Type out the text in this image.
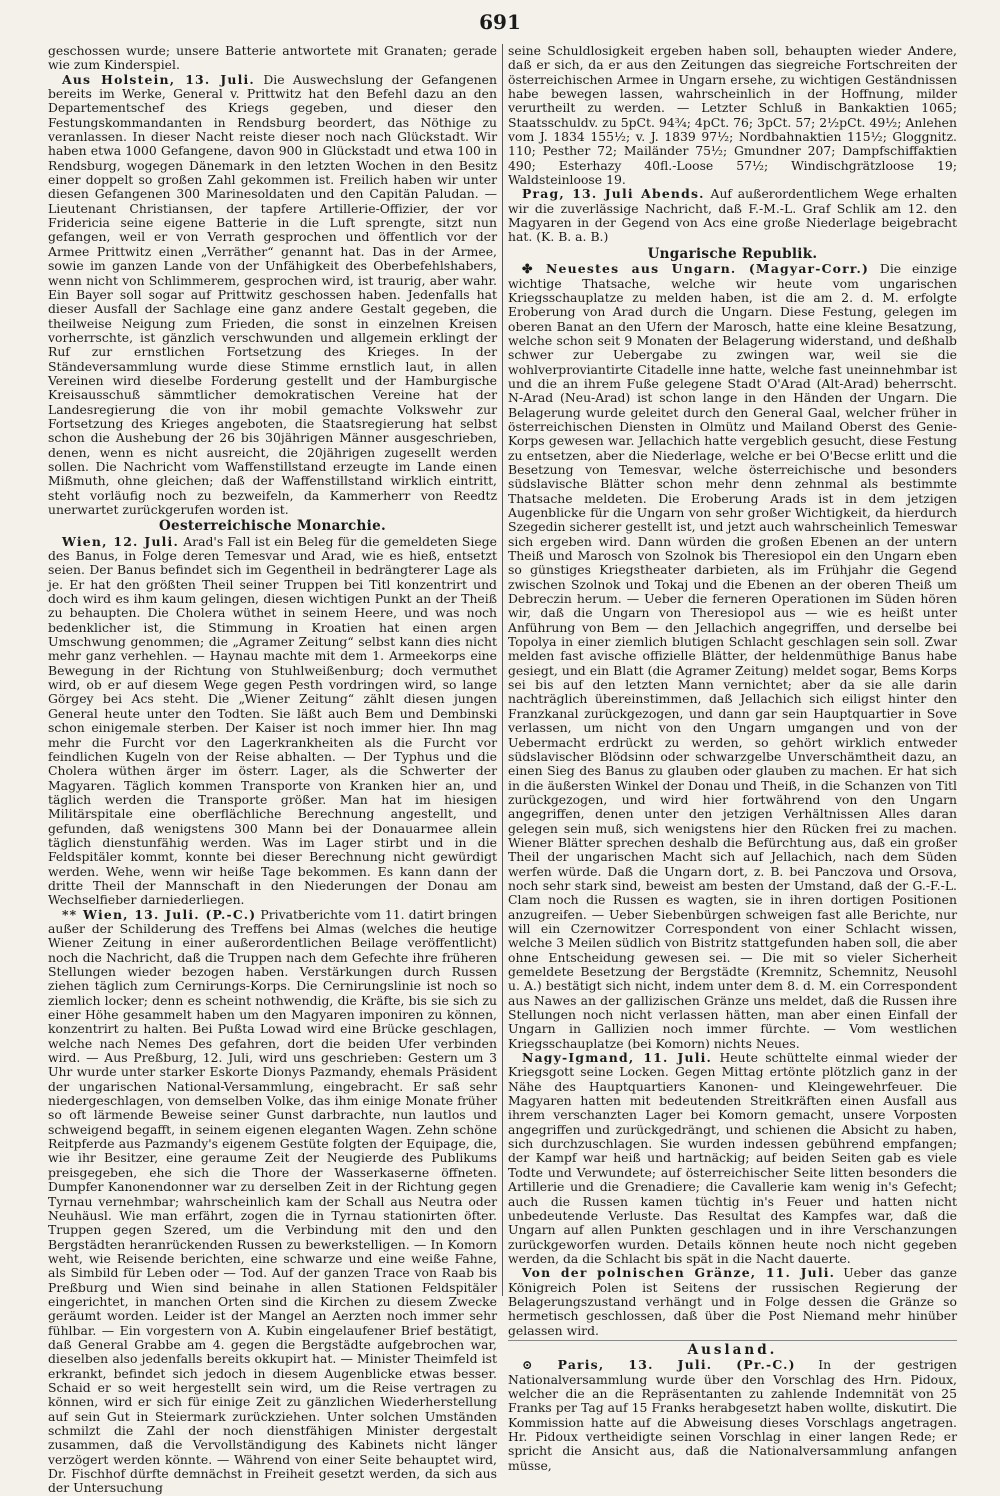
691

geschossen wurde; unsere Batterie antwortete mit Granaten; gerade wie zum Kinderspiel.

Aus Holstein, 13. Juli. Die Auswechslung der Gefangenen bereits im Werke, General v. Prittwitz hat den Befehl dazu an den Departementschef des Kriegs gegeben, und dieser den Festungskommandanten in Rendsburg beordert, das Nöthige zu veranlassen. In dieser Nacht reiste dieser noch nach Glückstadt. Wir haben etwa 1000 Gefangene, davon 900 in Glückstadt und etwa 100 in Rendsburg, wogegen Dänemark in den letzten Wochen in den Besitz einer doppelt so großen Zahl gekommen ist. Freilich haben wir unter diesen Gefangenen 300 Marinesoldaten und den Capitän Paludan. — Lieutenant Christiansen, der tapfere Artillerie-Offizier, der vor Fridericia seine eigene Batterie in die Luft sprengte, sitzt nun gefangen, weil er von Verrath gesprochen und öffentlich vor der Armee Prittwitz einen „Verräther“ genannt hat. Das in der Armee, sowie im ganzen Lande von der Unfähigkeit des Oberbefehlshabers, wenn nicht von Schlimmerem, gesprochen wird, ist traurig, aber wahr. Ein Bayer soll sogar auf Prittwitz geschossen haben. Jedenfalls hat dieser Ausfall der Sachlage eine ganz andere Gestalt gegeben, die theilweise Neigung zum Frieden, die sonst in einzelnen Kreisen vorherrschte, ist gänzlich verschwunden und allgemein erklingt der Ruf zur ernstlichen Fortsetzung des Krieges. In der Ständeversammlung wurde diese Stimme ernstlich laut, in allen Vereinen wird dieselbe Forderung gestellt und der Hamburgische Kreisausschuß sämmtlicher demokratischen Vereine hat der Landesregierung die von ihr mobil gemachte Volkswehr zur Fortsetzung des Krieges angeboten, die Staatsregierung hat selbst schon die Aushebung der 26 bis 30jährigen Männer ausgeschrieben, denen, wenn es nicht ausreicht, die 20jährigen zugesellt werden sollen. Die Nachricht vom Waffenstillstand erzeugte im Lande einen Mißmuth, ohne gleichen; daß der Waffenstillstand wirklich eintritt, steht vorläufig noch zu bezweifeln, da Kammerherr von Reedtz unerwartet zurückgerufen worden ist.

Oesterreichische Monarchie.

Wien, 12. Juli. Arad's Fall ist ein Beleg für die gemeldeten Siege des Banus, in Folge deren Temesvar und Arad, wie es hieß, entsetzt seien. Der Banus befindet sich im Gegentheil in bedrängterer Lage als je. Er hat den größten Theil seiner Truppen bei Titl konzentrirt und doch wird es ihm kaum gelingen, diesen wichtigen Punkt an der Theiß zu behaupten. Die Cholera wüthet in seinem Heere, und was noch bedenklicher ist, die Stimmung in Kroatien hat einen argen Umschwung genommen; die „Agramer Zeitung“ selbst kann dies nicht mehr ganz verhehlen. — Haynau machte mit dem 1. Armeekorps eine Bewegung in der Richtung von Stuhlweißenburg; doch vermuthet wird, ob er auf diesem Wege gegen Pesth vordringen wird, so lange Görgey bei Acs steht. Die „Wiener Zeitung“ zählt diesen jungen General heute unter den Todten. Sie läßt auch Bem und Dembinski schon einigemale sterben. Der Kaiser ist noch immer hier. Ihn mag mehr die Furcht vor den Lagerkrankheiten als die Furcht vor feindlichen Kugeln von der Reise abhalten. — Der Typhus und die Cholera wüthen ärger im österr. Lager, als die Schwerter der Magyaren. Täglich kommen Transporte von Kranken hier an, und täglich werden die Transporte größer. Man hat im hiesigen Militärspitale eine oberflächliche Berechnung angestellt, und gefunden, daß wenigstens 300 Mann bei der Donauarmee allein täglich dienstunfähig werden. Was im Lager stirbt und in die Feldspitäler kommt, konnte bei dieser Berechnung nicht gewürdigt werden. Wehe, wenn wir heiße Tage bekommen. Es kann dann der dritte Theil der Mannschaft in den Niederungen der Donau am Wechselfieber darniederliegen.

** Wien, 13. Juli. (P.-C.) Privatberichte vom 11. datirt bringen außer der Schilderung des Treffens bei Almas (welches die heutige Wiener Zeitung in einer außerordentlichen Beilage veröffentlicht) noch die Nachricht, daß die Truppen nach dem Gefechte ihre früheren Stellungen wieder bezogen haben. Verstärkungen durch Russen ziehen täglich zum Cernirungs-Korps. Die Cernirungslinie ist noch so ziemlich locker; denn es scheint nothwendig, die Kräfte, bis sie sich zu einer Höhe gesammelt haben um den Magyaren imponiren zu können, konzentrirt zu halten. Bei Pußta Lowad wird eine Brücke geschlagen, welche nach Nemes Des gefahren, dort die beiden Ufer verbinden wird. — Aus Preßburg, 12. Juli, wird uns geschrieben: Gestern um 3 Uhr wurde unter starker Eskorte Dionys Pazmandy, ehemals Präsident der ungarischen National-Versammlung, eingebracht. Er saß sehr niedergeschlagen, von demselben Volke, das ihm einige Monate früher so oft lärmende Beweise seiner Gunst darbrachte, nun lautlos und schweigend begafft, in seinem eigenen eleganten Wagen. Zehn schöne Reitpferde aus Pazmandy's eigenem Gestüte folgten der Equipage, die, wie ihr Besitzer, eine geraume Zeit der Neugierde des Publikums preisgegeben, ehe sich die Thore der Wasserkaserne öffneten. Dumpfer Kanonendonner war zu derselben Zeit in der Richtung gegen Tyrnau vernehmbar; wahrscheinlich kam der Schall aus Neutra oder Neuhäusl. Wie man erfährt, zogen die in Tyrnau stationirten öfter. Truppen gegen Szered, um die Verbindung mit den und den Bergstädten heranrückenden Russen zu bewerkstelligen. — In Komorn weht, wie Reisende berichten, eine schwarze und eine weiße Fahne, als Simbild für Leben oder — Tod. Auf der ganzen Trace von Raab bis Preßburg und Wien sind beinahe in allen Stationen Feldspitäler eingerichtet, in manchen Orten sind die Kirchen zu diesem Zwecke geräumt worden. Leider ist der Mangel an Aerzten noch immer sehr fühlbar. — Ein vorgestern von A. Kubin eingelaufener Brief bestätigt, daß General Grabbe am 4. gegen die Bergstädte aufgebrochen war, dieselben also jedenfalls bereits okkupirt hat. — Minister Theimfeld ist erkrankt, befindet sich jedoch in diesem Augenblicke etwas besser. Schaid er so weit hergestellt sein wird, um die Reise vertragen zu können, wird er sich für einige Zeit zu gänzlichen Wiederherstellung auf sein Gut in Steiermark zurückziehen. Unter solchen Umständen schmilzt die Zahl der noch dienstfähigen Minister dergestalt zusammen, daß die Vervollständigung des Kabinets nicht länger verzögert werden könnte. — Während von einer Seite behauptet wird, Dr. Fischhof dürfte demnächst in Freiheit gesetzt werden, da sich aus der Untersuchung

seine Schuldlosigkeit ergeben haben soll, behaupten wieder Andere, daß er sich, da er aus den Zeitungen das siegreiche Fortschreiten der österreichischen Armee in Ungarn ersehe, zu wichtigen Geständnissen habe bewegen lassen, wahrscheinlich in der Hoffnung, milder verurtheilt zu werden. — Letzter Schluß in Bankaktien 1065; Staatsschuldv. zu 5pCt. 94¾; 4pCt. 76; 3pCt. 57; 2½pCt. 49½; Anlehen vom J. 1834 155½; v. J. 1839 97½; Nordbahnaktien 115½; Gloggnitz. 110; Pesther 72; Mailänder 75½; Gmundner 207; Dampfschiffaktien 490; Esterhazy 40fl.-Loose 57½; Windischgrätzloose 19; Waldsteinloose 19.

Prag, 13. Juli Abends. Auf außerordentlichem Wege erhalten wir die zuverlässige Nachricht, daß F.-M.-L. Graf Schlik am 12. den Magyaren in der Gegend von Acs eine große Niederlage beigebracht hat. (K. B. a. B.)

Ungarische Republik.

✤ Neuestes aus Ungarn. (Magyar-Corr.) Die einzige wichtige Thatsache, welche wir heute vom ungarischen Kriegsschauplatze zu melden haben, ist die am 2. d. M. erfolgte Eroberung von Arad durch die Ungarn. Diese Festung, gelegen im oberen Banat an den Ufern der Marosch, hatte eine kleine Besatzung, welche schon seit 9 Monaten der Belagerung widerstand, und deßhalb schwer zur Uebergabe zu zwingen war, weil sie die wohlverproviantirte Citadelle inne hatte, welche fast uneinnehmbar ist und die an ihrem Fuße gelegene Stadt O'Arad (Alt-Arad) beherrscht. N-Arad (Neu-Arad) ist schon lange in den Händen der Ungarn. Die Belagerung wurde geleitet durch den General Gaal, welcher früher in österreichischen Diensten in Olmütz und Mailand Oberst des Genie-Korps gewesen war. Jellachich hatte vergeblich gesucht, diese Festung zu entsetzen, aber die Niederlage, welche er bei O'Becse erlitt und die Besetzung von Temesvar, welche österreichische und besonders südslavische Blätter schon mehr denn zehnmal als bestimmte Thatsache meldeten. Die Eroberung Arads ist in dem jetzigen Augenblicke für die Ungarn von sehr großer Wichtigkeit, da hierdurch Szegedin sicherer gestellt ist, und jetzt auch wahrscheinlich Temeswar sich ergeben wird. Dann würden die großen Ebenen an der untern Theiß und Marosch von Szolnok bis Theresiopol ein den Ungarn eben so günstiges Kriegstheater darbieten, als im Frühjahr die Gegend zwischen Szolnok und Tokaj und die Ebenen an der oberen Theiß um Debreczin herum. — Ueber die ferneren Operationen im Süden hören wir, daß die Ungarn von Theresiopol aus — wie es heißt unter Anführung von Bem — den Jellachich angegriffen, und derselbe bei Topolya in einer ziemlich blutigen Schlacht geschlagen sein soll. Zwar melden fast avische offizielle Blätter, der heldenmüthige Banus habe gesiegt, und ein Blatt (die Agramer Zeitung) meldet sogar, Bems Korps sei bis auf den letzten Mann vernichtet; aber da sie alle darin nachträglich übereinstimmen, daß Jellachich sich eiligst hinter den Franzkanal zurückgezogen, und dann gar sein Hauptquartier in Sove verlassen, um nicht von den Ungarn umgangen und von der Uebermacht erdrückt zu werden, so gehört wirklich entweder südslavischer Blödsinn oder schwarzgelbe Unverschämtheit dazu, an einen Sieg des Banus zu glauben oder glauben zu machen. Er hat sich in die äußersten Winkel der Donau und Theiß, in die Schanzen von Titl zurückgezogen, und wird hier fortwährend von den Ungarn angegriffen, denen unter den jetzigen Verhältnissen Alles daran gelegen sein muß, sich wenigstens hier den Rücken frei zu machen. Wiener Blätter sprechen deshalb die Befürchtung aus, daß ein großer Theil der ungarischen Macht sich auf Jellachich, nach dem Süden werfen würde. Daß die Ungarn dort, z. B. bei Panczova und Orsova, noch sehr stark sind, beweist am besten der Umstand, daß der G.-F.-L. Clam noch die Russen es wagten, sie in ihren dortigen Positionen anzugreifen. — Ueber Siebenbürgen schweigen fast alle Berichte, nur will ein Czernowitzer Correspondent von einer Schlacht wissen, welche 3 Meilen südlich von Bistritz stattgefunden haben soll, die aber ohne Entscheidung gewesen sei. — Die mit so vieler Sicherheit gemeldete Besetzung der Bergstädte (Kremnitz, Schemnitz, Neusohl u. A.) bestätigt sich nicht, indem unter dem 8. d. M. ein Correspondent aus Nawes an der gallizischen Gränze uns meldet, daß die Russen ihre Stellungen noch nicht verlassen hätten, man aber einen Einfall der Ungarn in Gallizien noch immer fürchte. — Vom westlichen Kriegsschauplatze (bei Komorn) nichts Neues.

Nagy-Igmand, 11. Juli. Heute schüttelte einmal wieder der Kriegsgott seine Locken. Gegen Mittag ertönte plötzlich ganz in der Nähe des Hauptquartiers Kanonen- und Kleingewehrfeuer. Die Magyaren hatten mit bedeutenden Streitkräften einen Ausfall aus ihrem verschanzten Lager bei Komorn gemacht, unsere Vorposten angegriffen und zurückgedrängt, und schienen die Absicht zu haben, sich durchzuschlagen. Sie wurden indessen gebührend empfangen; der Kampf war heiß und hartnäckig; auf beiden Seiten gab es viele Todte und Verwundete; auf österreichischer Seite litten besonders die Artillerie und die Grenadiere; die Cavallerie kam wenig in's Gefecht; auch die Russen kamen tüchtig in's Feuer und hatten nicht unbedeutende Verluste. Das Resultat des Kampfes war, daß die Ungarn auf allen Punkten geschlagen und in ihre Verschanzungen zurückgeworfen wurden. Details können heute noch nicht gegeben werden, da die Schlacht bis spät in die Nacht dauerte.

Von der polnischen Gränze, 11. Juli. Ueber das ganze Königreich Polen ist Seitens der russischen Regierung der Belagerungszustand verhängt und in Folge dessen die Gränze so hermetisch geschlossen, daß über die Post Niemand mehr hinüber gelassen wird.

Ausland.

⊙ Paris, 13. Juli. (Pr.-C.) In der gestrigen Nationalversammlung wurde über den Vorschlag des Hrn. Pidoux, welcher die an die Repräsentanten zu zahlende Indemnität von 25 Franks per Tag auf 15 Franks herabgesetzt haben wollte, diskutirt. Die Kommission hatte auf die Abweisung dieses Vorschlags angetragen. Hr. Pidoux vertheidigte seinen Vorschlag in einer langen Rede; er spricht die Ansicht aus, daß die Nationalversammlung anfangen müsse,
